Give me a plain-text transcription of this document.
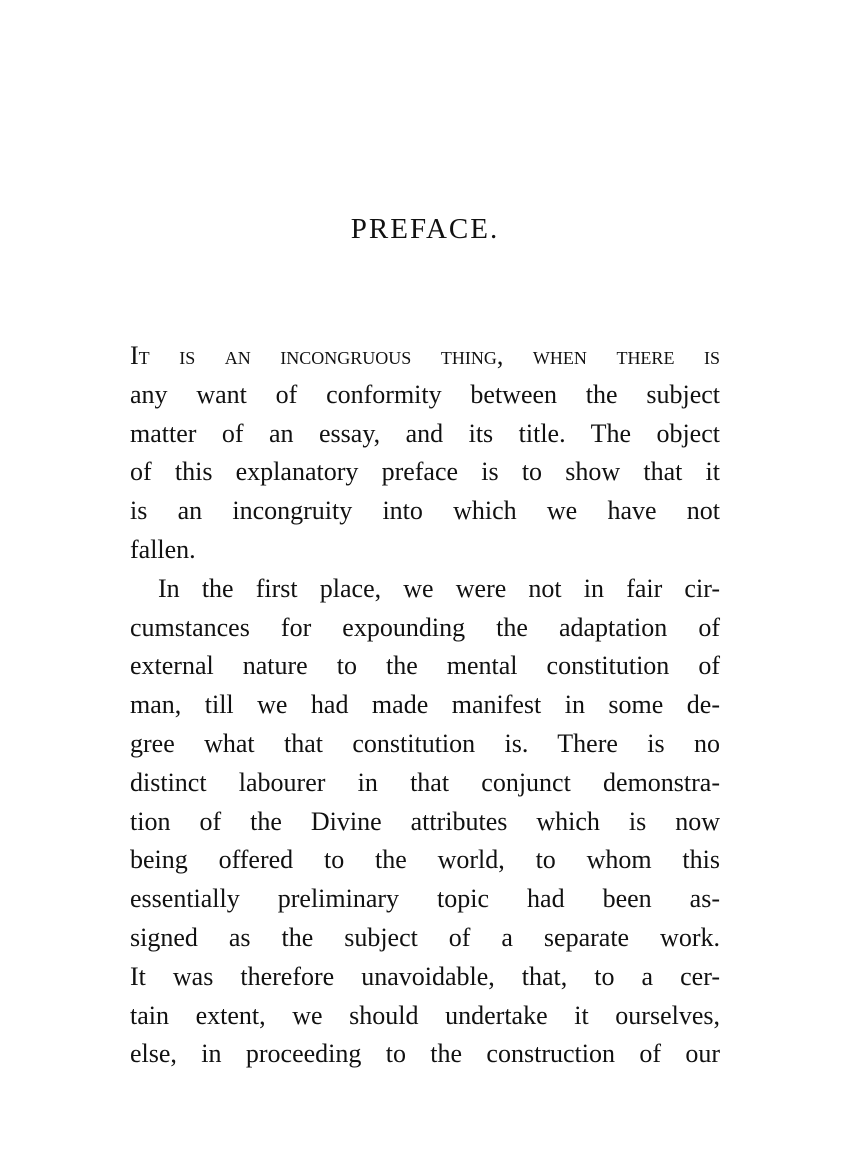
PREFACE.

It is an incongruous thing, when there is
any want of conformity between the subject
matter of an essay, and its title. The object
of this explanatory preface is to show that it
is an incongruity into which we have not
fallen.

In the first place, we were not in fair cir-
cumstances for expounding the adaptation of
external nature to the mental constitution of
man, till we had made manifest in some de-
gree what that constitution is. There is no
distinct labourer in that conjunct demonstra-
tion of the Divine attributes which is now
being offered to the world, to whom this
essentially preliminary topic had been as-
signed as the subject of a separate work.
It was therefore unavoidable, that, to a cer-
tain extent, we should undertake it ourselves,
else, in proceeding to the construction of our
